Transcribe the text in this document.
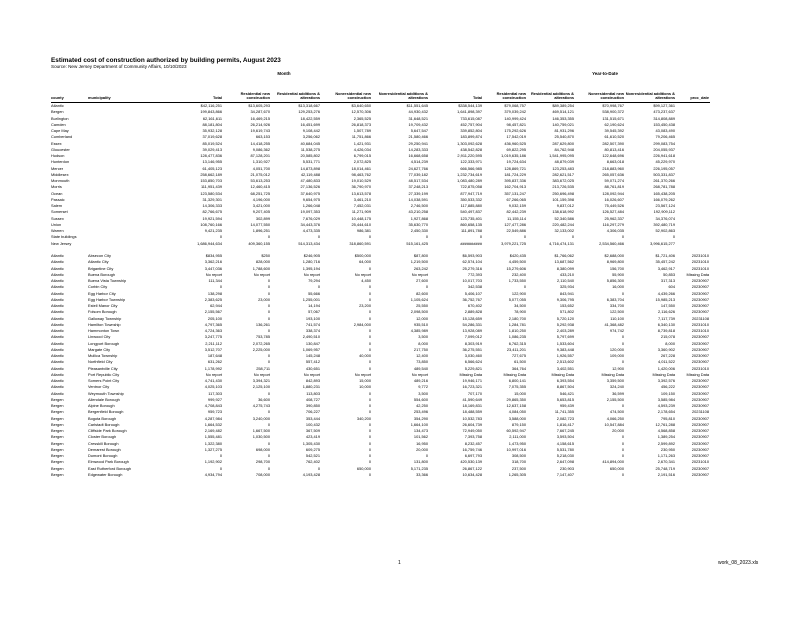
Estimated cost of construction authorized by building permits, August 2023
Source: New Jersey Department of Community Affairs, 10/10/2023
Month	Year-to-Date
county	municipality	Total	Residential new construction	Residential additions & alterations	Nonresidential new construction	Nonresidential additions & alterations	Total	Residential new construction	Residential additions & alterations	Nonresidential new construction	Nonresidential additions & alterations	proc_date
Atlantic		$42,116,251	$13,605,293	$13,318,667	$3,640,650	$11,551,645	$338,544,139	$79,068,757	$89,389,254	$70,998,767	$99,127,361	
Bergen		199,843,866	34,287,670	129,253,276	12,570,306	44,930,432	1,641,898,397	379,039,242	469,514,121	538,900,372	473,237,637	
Burlington		62,161,611	16,469,215	18,422,559	2,365,525	31,648,521	733,615,087	140,999,424	146,353,355	131,515,671	314,808,889	
Camden		88,181,804	26,214,926	16,451,699	26,818,373	19,709,432	452,757,904	98,457,821	140,759,021	62,190,624	153,450,438	
Cape May		35,932,128	19,619,743	9,108,442	1,507,789	5,647,547	339,852,804	175,292,626	81,931,296	39,545,392	43,083,490	
Cumberland		37,019,628	663,153	3,256,062	11,751,866	21,580,466	183,899,874	17,542,019	25,540,870	61,610,520	79,206,465	
Essex		85,019,524	14,418,255	40,684,045	1,421,931	29,250,941	1,303,092,628	436,960,525	287,629,800	282,507,390	299,083,754	
Gloucester		39,029,413	9,086,362	11,538,275	4,426,034	14,283,333	438,542,828	69,822,295	84,762,948	80,813,416	204,055,937	
Hudson		128,477,836	87,128,201	20,585,802	6,799,015	16,668,658	2,911,220,595	1,019,635,186	1,541,995,095	122,648,696	226,941,618	
Hunterdon		13,146,955	1,310,927	5,531,771	2,072,825	4,514,239	122,333,971	19,724,634	48,879,039	8,663,018	45,229,970	
Mercer		61,405,123	4,051,700	14,873,898	18,014,461	24,627,766	666,566,985	128,869,721	123,253,483	218,883,960	226,195,057	
Middlesex		258,662,189	21,075,012	42,119,488	98,463,762	77,039,182	1,232,734,619	181,724,229	282,621,517	265,057,636	503,331,837	
Monmouth		153,850,703	53,613,253	47,480,833	19,010,529	48,517,534	1,083,480,289	395,837,336	383,672,025	59,071,274	261,370,266	
Morris		111,951,439	12,460,415	27,136,526	36,790,970	37,248,213	722,875,058	162,704,913	213,726,535	88,761,819	268,781,788	
Ocean		123,580,534	68,251,725	37,640,975	13,613,578	27,339,199	877,947,719	357,131,247	250,696,498	128,092,944	165,438,205	
Passaic		31,329,301	4,196,000	9,654,975	3,461,210	14,038,591	350,533,332	67,266,065	101,159,398	16,026,607	166,079,262	
Salem		14,306,333	3,421,000	1,266,048	7,452,031	2,746,500	117,885,880	9,032,159	9,837,012	75,449,526	23,567,124	
Somerset		82,766,675	9,207,405	19,097,353	11,271,909	43,210,258	540,497,837	82,442,239	138,618,992	126,527,484	192,909,112	
Sussex		19,921,594	302,899	7,676,029	10,448,175	1,927,868	123,735,401	11,155,114	52,340,586	25,962,337	34,376,074	
Union		108,760,166	14,077,550	34,443,376	25,444,610	35,630,770	860,658,135	127,477,286	220,482,244	116,297,279	392,480,719	
Warren		9,421,235	1,896,251	4,473,335	986,381	2,450,330	111,891,788	22,549,886	32,133,002	4,306,035	52,902,863	
State buildings		0	0	0	0	0	0	0	0	0	0	
New Jersey		1,686,944,634	409,360,155	514,313,434	318,860,591	515,161,425	##########	3,979,221,725	4,716,474,131	2,534,560,466	3,996,615,277	

Atlantic	Absecon City	$834,955	$250	$246,905	$500,000	$87,800	$6,593,903	$420,435	$1,766,062	$2,688,000	$1,721,406	20231010
Atlantic	Atlantic City	3,362,216	828,000	1,280,716	64,000	1,219,500	62,574,104	4,459,500	13,687,562	8,969,800	35,457,242	20231010
Atlantic	Brigantine City	3,447,036	1,788,600	1,395,194	0	263,242	25,279,316	15,279,606	8,380,099	156,700	3,462,917	20231010
Atlantic	Buena Borough	No report	No report	No report	No report	No report	772,393	232,400	433,210	55,900	50,853	Missing Data
Atlantic	Buena Vista Township	111,344	0	79,294	4,450	27,600	10,017,703	1,733,550	2,110,540	5,856,300	317,313	20230907
Atlantic	Corbin City	0	0	0	0	0	342,538	0	325,934	16,000	604	20230907
Atlantic	Egg Harbor City	138,298	0	55,666	0	82,600	5,406,107	122,900	843,941	0	4,439,266	20230907
Atlantic	Egg Harbor Township	2,383,625	23,000	1,255,001	0	1,105,624	36,752,767	5,077,055	9,306,795	6,383,704	15,985,213	20230907
Atlantic	Estell Manor City	62,944	0	14,194	23,200	25,550	670,402	34,500	153,652	334,700	147,550	20230907
Atlantic	Folsom Borough	2,155,567	0	57,067	0	2,098,500	2,889,828	78,900	571,802	122,500	2,116,626	20230907
Atlantic	Galloway Township	205,100	0	193,100	0	12,000	15,128,659	2,180,700	5,720,120	110,100	7,117,739	20231108
Atlantic	Hamilton Township	4,797,365	136,261	741,574	2,984,000	935,510	54,286,331	1,284,781	5,292,938	41,368,482	6,340,130	20231010
Atlantic	Hammonton Town	4,724,363	0	338,374	0	4,385,989	13,928,089	1,810,250	2,403,289	974,742	8,739,818	20231010
Atlantic	Linwood City	3,247,775	753,785	2,490,510	0	3,500	7,099,012	1,086,235	5,797,699	0	215,078	20230907
Atlantic	Longport Borough	2,211,112	2,072,265	130,847	0	8,000	8,303,919	6,762,315	1,533,604	0	8,000	20230907
Atlantic	Margate City	3,512,707	2,225,000	1,069,957	0	217,750	36,275,551	23,411,201	9,383,448	120,000	3,360,902	20230907
Atlantic	Mullica Township	187,648	0	145,248	40,000	12,400	3,030,460	727,675	1,926,557	109,000	267,228	20230907
Atlantic	Northfield City	631,262	0	557,412	0	73,850	6,566,624	61,500	2,513,602	0	4,011,522	20230907
Atlantic	Pleasantville City	1,178,992	258,711	430,651	0	489,540	5,229,821	364,764	3,402,551	12,900	1,420,006	20231010
Atlantic	Port Republic City	No report	No report	No report	No report	No report	Missing Data	Missing Data	Missing Data	Missing Data	Missing Data	Missing Data
Atlantic	Somers Point City	4,741,430	3,394,321	842,893	15,000	489,216	19,946,171	6,800,141	6,393,554	3,359,500	3,392,576	20230907
Atlantic	Ventnor City	4,025,103	2,125,100	1,880,231	10,000	9,772	16,723,321	7,075,355	8,867,504	324,240	456,222	20230907
Atlantic	Weymouth Township	117,303	0	113,803	0	3,500	707,170	15,000	546,421	36,599	109,150	20230907
Bergen	Allendale Borough	999,927	36,600	408,727	0	554,600	41,590,649	29,865,350	5,653,815	2,155,500	3,585,984	20230907
Bergen	Alpine Borough	4,708,843	4,275,743	390,850	0	42,250	18,169,831	12,637,158	959,439	0	4,593,239	20230907
Bergen	Bergenfield Borough	959,723	0	706,227	0	253,496	18,488,559	4,084,050	11,741,355	474,500	2,178,654	20231108
Bergen	Bogota Borough	4,287,984	3,240,000	353,444	340,200	354,290	10,532,783	3,588,000	2,082,723	4,066,250	795,810	20230907
Bergen	Carlstadt Borough	1,664,532	0	100,432	0	1,664,100	26,604,739	879,150	1,816,417	10,547,884	12,761,288	20230907
Bergen	Cliffside Park Borough	2,169,482	1,667,500	367,509	0	134,473	72,949,050	60,592,947	7,667,245	20,000	4,568,858	20230907
Bergen	Closter Borough	1,555,481	1,030,500	423,419	0	101,562	7,393,758	2,111,000	3,593,504	0	1,389,254	20230907
Bergen	Cresskill Borough	1,322,380	0	1,305,430	0	16,950	8,232,457	1,473,950	4,158,615	0	2,599,892	20230907
Bergen	Demarest Borough	1,327,275	698,000	609,275	0	20,000	16,759,746	10,997,016	5,531,780	0	230,950	20230907
Bergen	Dumont Borough	0	0	542,521	0	0	6,697,793	308,500	5,218,030	0	1,171,263	20230907
Bergen	Elmwood Park Borough	1,192,902	298,700	762,402	0	131,800	420,530,139	318,700	2,647,098	414,894,000	2,670,341	20231010
Bergen	East Rutherford Borough	0	0	0	650,000	5,171,235	26,867,122	237,500	230,903	650,000	25,748,719	20230907
Bergen	Edgewater Borough	4,934,794	708,000	4,193,428	0	33,366	10,634,428	1,265,305	7,147,407	0	2,191,516	20230907
1	work_08_2023.xls
